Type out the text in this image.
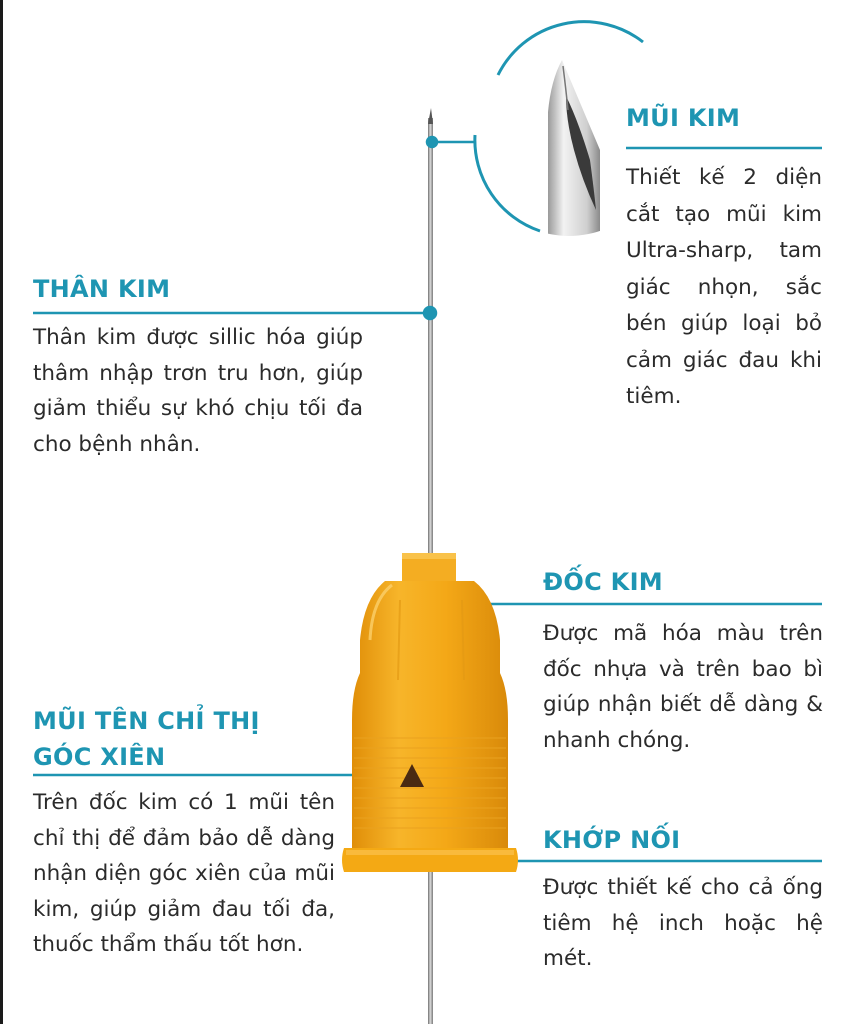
MŨI KIM

Thiết kế 2 diện cắt tạo mũi kim Ultra-sharp, tam giác nhọn, sắc bén giúp loại bỏ cảm giác đau khi tiêm.

THÂN KIM

Thân kim được sillic hóa giúp thâm nhập trơn tru hơn, giúp giảm thiểu sự khó chịu tối đa cho bệnh nhân.

ĐỐC KIM

Được mã hóa màu trên đốc nhựa và trên bao bì giúp nhận biết dễ dàng & nhanh chóng.

MŨI TÊN CHỈ THỊ
GÓC XIÊN

Trên đốc kim có 1 mũi tên chỉ thị để đảm bảo dễ dàng nhận diện góc xiên của mũi kim, giúp giảm đau tối đa, thuốc thẩm thấu tốt hơn.

KHỚP NỐI

Được thiết kế cho cả ống tiêm hệ inch hoặc hệ mét.
